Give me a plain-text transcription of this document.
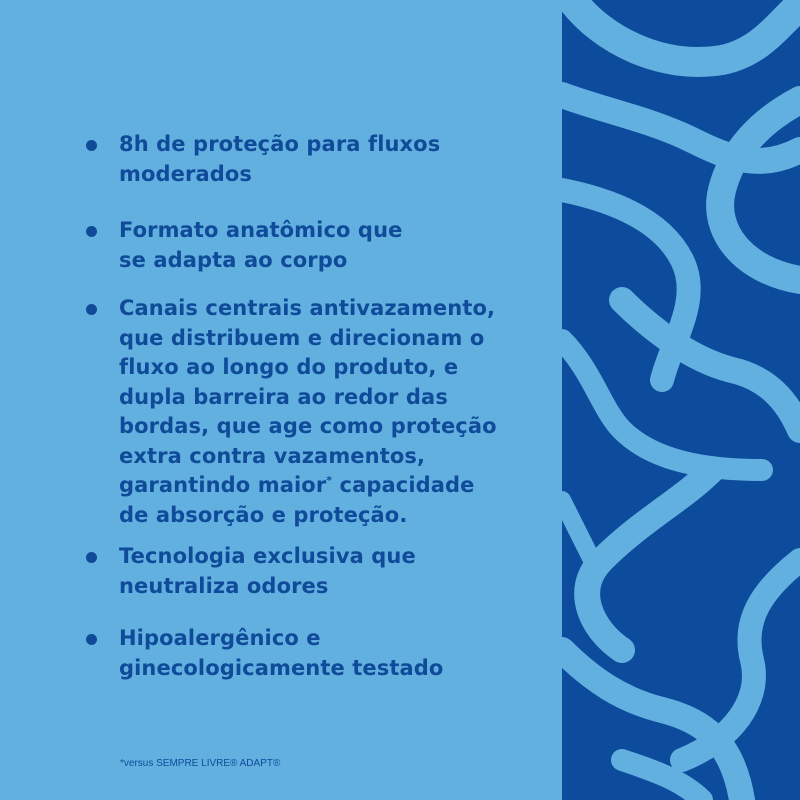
8h de proteção para fluxos
moderados
Formato anatômico que
se adapta ao corpo
Canais centrais antivazamento,
que distribuem e direcionam o
fluxo ao longo do produto, e
dupla barreira ao redor das
bordas, que age como proteção
extra contra vazamentos,
garantindo maior* capacidade
de absorção e proteção.
Tecnologia exclusiva que
neutraliza odores
Hipoalergênico e
ginecologicamente testado
*versus SEMPRE LIVRE® ADAPT®
